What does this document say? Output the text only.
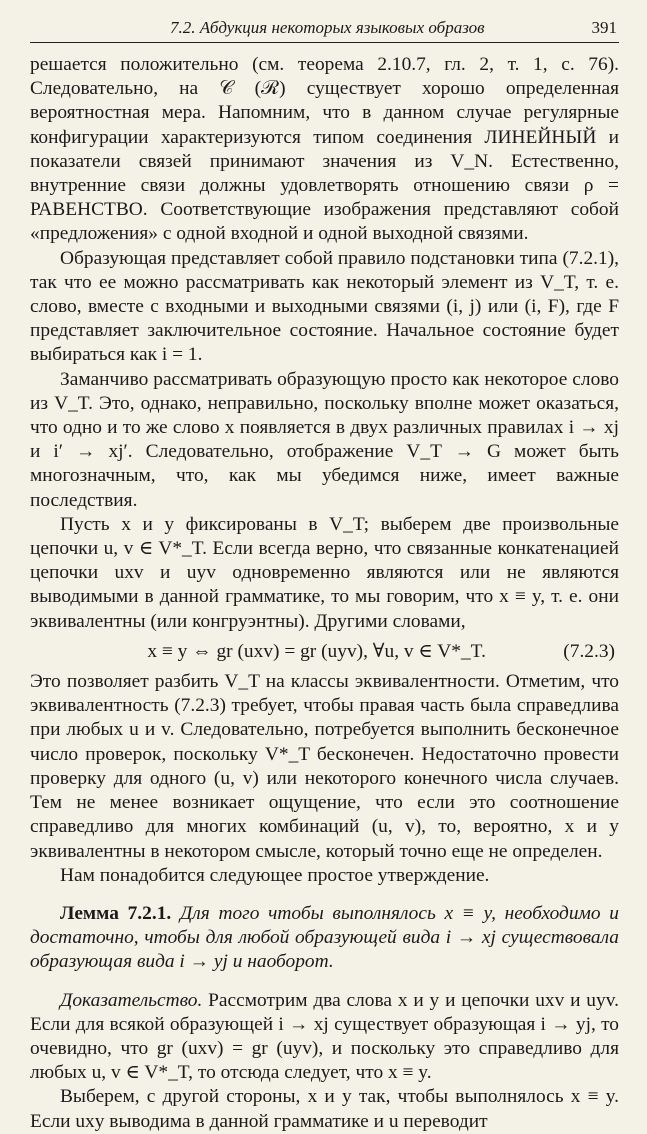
7.2. Абдукция некоторых языковых образов	391

решается положительно (см. теорема 2.10.7, гл. 2, т. 1, с. 76). Следовательно, на 𝒞 (ℛ) существует хорошо определенная вероятностная мера. Напомним, что в данном случае регулярные конфигурации характеризуются типом соединения ЛИНЕЙНЫЙ и показатели связей принимают значения из V_N. Естественно, внутренние связи должны удовлетворять отношению связи ρ = РАВЕНСТВО. Соответствующие изображения представляют собой «предложения» с одной входной и одной выходной связями.

Образующая представляет собой правило подстановки типа (7.2.1), так что ее можно рассматривать как некоторый элемент из V_T, т. е. слово, вместе с входными и выходными связями (i, j) или (i, F), где F представляет заключительное состояние. Начальное состояние будет выбираться как i = 1.

Заманчиво рассматривать образующую просто как некоторое слово из V_T. Это, однако, неправильно, поскольку вполне может оказаться, что одно и то же слово x появляется в двух различных правилах i → xj и i′ → xj′. Следовательно, отображение V_T → G может быть многозначным, что, как мы убедимся ниже, имеет важные последствия.

Пусть x и y фиксированы в V_T; выберем две произвольные цепочки u, v ∈ V*_T. Если всегда верно, что связанные конкатенацией цепочки uxv и uyv одновременно являются или не являются выводимыми в данной грамматике, то мы говорим, что x ≡ y, т. е. они эквивалентны (или конгруэнтны). Другими словами,

x ≡ y ⇔ gr (uxv) = gr (uyv), ∀u, v ∈ V*_T.	(7.2.3)

Это позволяет разбить V_T на классы эквивалентности. Отметим, что эквивалентность (7.2.3) требует, чтобы правая часть была справедлива при любых u и v. Следовательно, потребуется выполнить бесконечное число проверок, поскольку V*_T бесконечен. Недостаточно провести проверку для одного (u, v) или некоторого конечного числа случаев. Тем не менее возникает ощущение, что если это соотношение справедливо для многих комбинаций (u, v), то, вероятно, x и y эквивалентны в некотором смысле, который точно еще не определен.

Нам понадобится следующее простое утверждение.

Лемма 7.2.1. Для того чтобы выполнялось x ≡ y, необходимо и достаточно, чтобы для любой образующей вида i → xj существовала образующая вида i → yj и наоборот.

Доказательство. Рассмотрим два слова x и y и цепочки uxv и uyv. Если для всякой образующей i → xj существует образующая i → yj, то очевидно, что gr (uxv) = gr (uyv), и поскольку это справедливо для любых u, v ∈ V*_T, то отсюда следует, что x ≡ y.

Выберем, с другой стороны, x и y так, чтобы выполнялось x ≡ y. Если uxy выводима в данной грамматике и u переводит
